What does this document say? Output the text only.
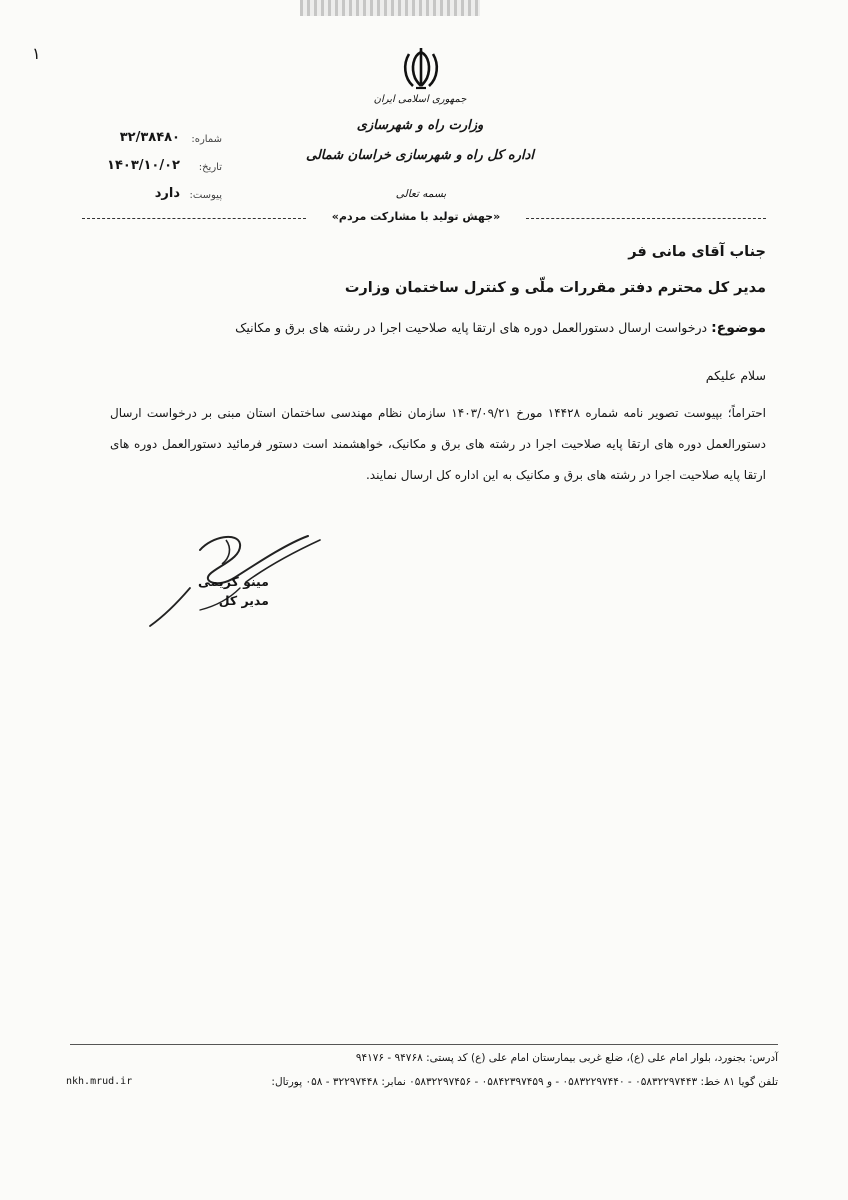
١
جمهوری اسلامی ایران
وزارت راه و شهرسازی
اداره کل راه و شهرسازی خراسان شمالی
شماره:
۳۲/۳۸۴۸۰
تاریخ:
۱۴۰۳/۱۰/۰۲
پیوست:
دارد	بسمه تعالی
«جهش تولید با مشارکت مردم»
جناب آقای مانی فر
مدیر کل محترم دفتر مقررات ملّی و کنترل ساختمان وزارت
موضوع: درخواست ارسال دستورالعمل دوره های ارتقا پایه صلاحیت اجرا در رشته های برق و مکانیک
سلام علیکم
احتراماً؛ بپیوست تصویر نامه شماره ۱۴۴۲۸ مورخ ۱۴۰۳/۰۹/۲۱ سازمان نظام مهندسی ساختمان استان مبنی بر درخواست ارسال دستورالعمل دوره های ارتقا پایه صلاحیت اجرا در رشته های برق و مکانیک، خواهشمند است دستور فرمائید دستورالعمل دوره های ارتقا پایه صلاحیت اجرا در رشته های برق و مکانیک به این اداره کل ارسال نمایند.
مینو کریمی
مدیر کل
آدرس: بجنورد، بلوار امام علی (ع)، ضلع غربی بیمارستان امام علی (ع) کد پستی: ۹۴۷۶۸ - ۹۴۱۷۶
تلفن گویا ۸۱ خط: ۰۵۸۳۲۲۹۷۴۴۳ - ۰۵۸۳۲۲۹۷۴۴۰ - و ۰۵۸۴۲۳۹۷۴۵۹ - ۰۵۸۳۲۲۹۷۴۵۶ نمابر: ۳۲۲۹۷۴۴۸ - ۰۵۸ پورتال:
nkh.mrud.ir
